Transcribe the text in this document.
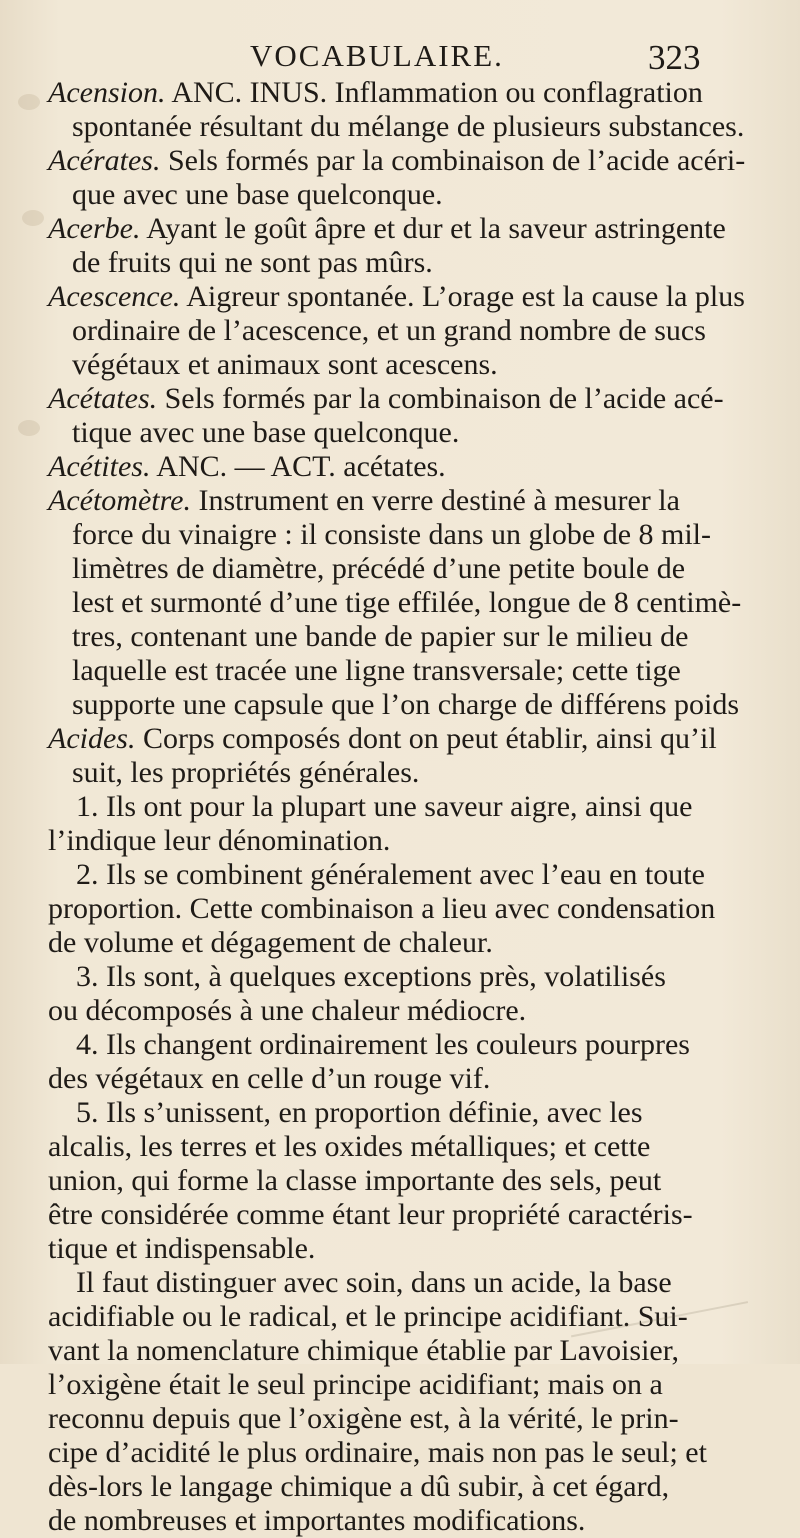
VOCABULAIRE.	323
Acension. ANC. INUS. Inflammation ou conflagration
spontanée résultant du mélange de plusieurs substances.
Acérates. Sels formés par la combinaison de l’acide acéri-
que avec une base quelconque.
Acerbe. Ayant le goût âpre et dur et la saveur astringente
de fruits qui ne sont pas mûrs.
Acescence. Aigreur spontanée. L’orage est la cause la plus
ordinaire de l’acescence, et un grand nombre de sucs
végétaux et animaux sont acescens.
Acétates. Sels formés par la combinaison de l’acide acé-
tique avec une base quelconque.
Acétites. ANC. — ACT. acétates.
Acétomètre. Instrument en verre destiné à mesurer la
force du vinaigre : il consiste dans un globe de 8 mil-
limètres de diamètre, précédé d’une petite boule de
lest et surmonté d’une tige effilée, longue de 8 centimè-
tres, contenant une bande de papier sur le milieu de
laquelle est tracée une ligne transversale; cette tige
supporte une capsule que l’on charge de différens poids
Acides. Corps composés dont on peut établir, ainsi qu’il
suit, les propriétés générales.
1. Ils ont pour la plupart une saveur aigre, ainsi que
l’indique leur dénomination.
2. Ils se combinent généralement avec l’eau en toute
proportion. Cette combinaison a lieu avec condensation
de volume et dégagement de chaleur.
3. Ils sont, à quelques exceptions près, volatilisés
ou décomposés à une chaleur médiocre.
4. Ils changent ordinairement les couleurs pourpres
des végétaux en celle d’un rouge vif.
5. Ils s’unissent, en proportion définie, avec les
alcalis, les terres et les oxides métalliques; et cette
union, qui forme la classe importante des sels, peut
être considérée comme étant leur propriété caractéris-
tique et indispensable.
Il faut distinguer avec soin, dans un acide, la base
acidifiable ou le radical, et le principe acidifiant. Sui-
vant la nomenclature chimique établie par Lavoisier,
l’oxigène était le seul principe acidifiant; mais on a
reconnu depuis que l’oxigène est, à la vérité, le prin-
cipe d’acidité le plus ordinaire, mais non pas le seul; et
dès-lors le langage chimique a dû subir, à cet égard,
de nombreuses et importantes modifications.
